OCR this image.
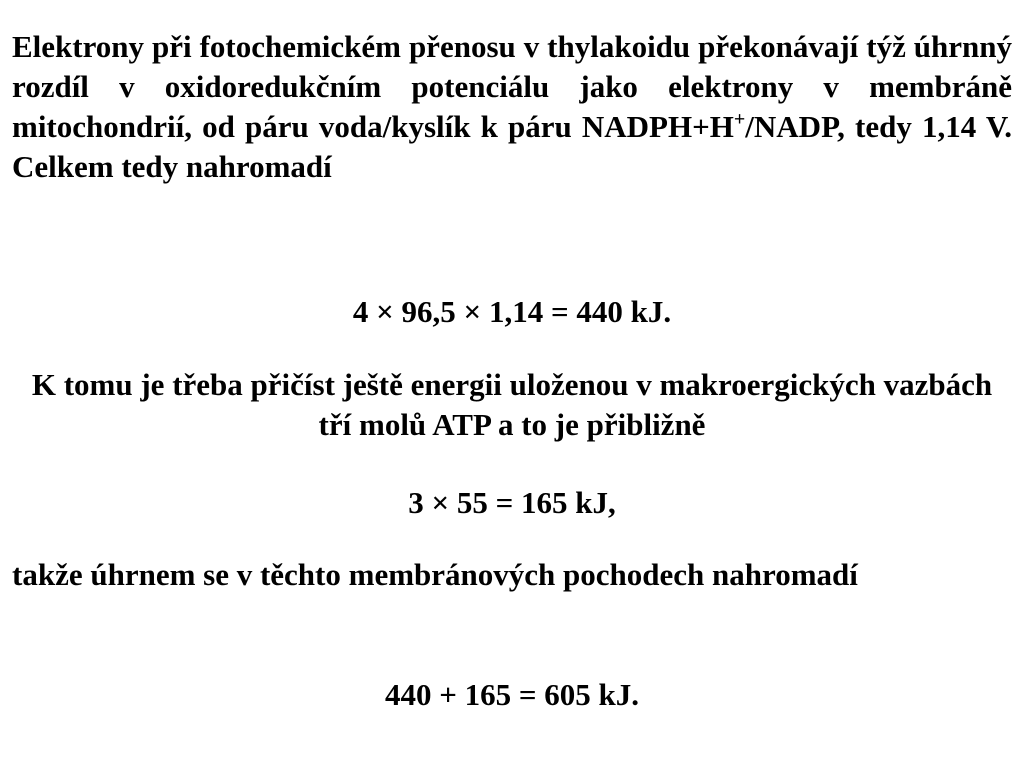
Elektrony při fotochemickém přenosu v thylakoidu překonávají týž úhrnný rozdíl v oxidoredukčním potenciálu jako elektrony v membráně mitochondrií, od páru voda/kyslík k páru NADPH+H+/NADP, tedy 1,14 V. Celkem tedy nahromadí

4 × 96,5 × 1,14 = 440 kJ.

K tomu je třeba přičíst ještě energii uloženou v makroergických vazbách tří molů ATP a to je přibližně

3 × 55 = 165 kJ,

takže úhrnem se v těchto membránových pochodech nahromadí

440 + 165 = 605 kJ.
